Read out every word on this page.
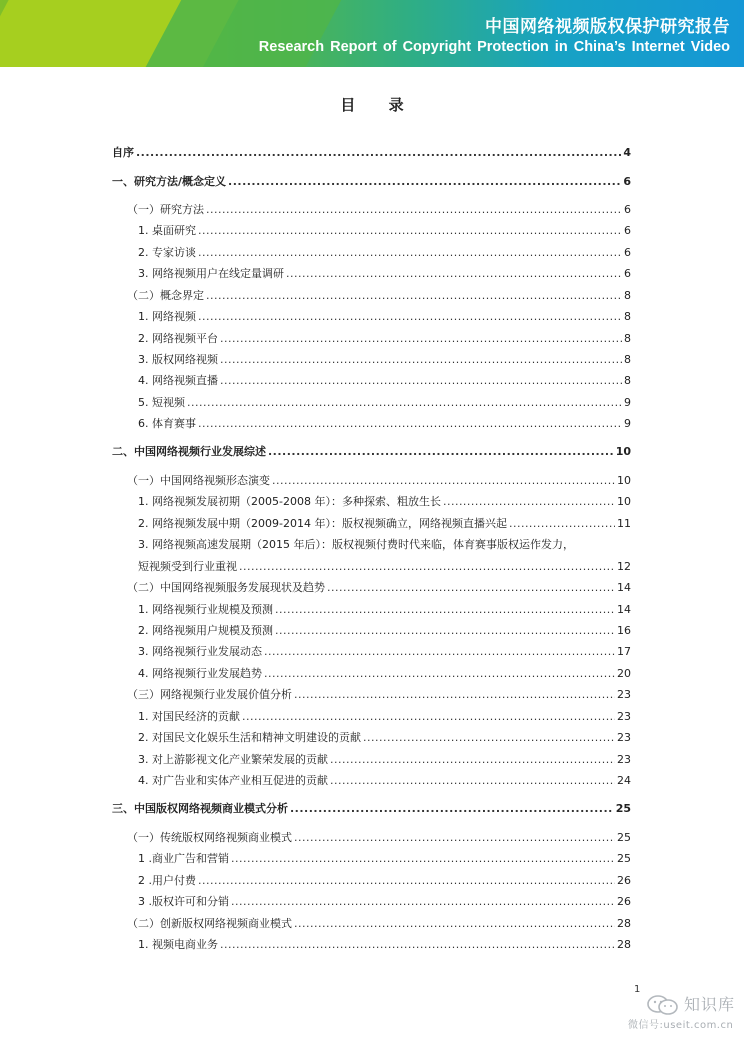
中国网络视频版权保护研究报告
Research Report of Copyright Protection in China’s Internet Video
目 录
自序 .....	4
一、研究方法/概念定义 .....	6
（一）研究方法 .....	6
1. 桌面研究 .....	6
2. 专家访谈 .....	6
3. 网络视频用户在线定量调研 .....	6
（二）概念界定 .....	8
1. 网络视频 .....	8
2. 网络视频平台 .....	8
3. 版权网络视频 .....	8
4. 网络视频直播 .....	8
5. 短视频 .....	9
6. 体育赛事 .....	9
二、中国网络视频行业发展综述 .....	10
（一）中国网络视频形态演变 .....	10
1. 网络视频发展初期（2005-2008 年）：多种探索、粗放生长 .....	10
2. 网络视频发展中期（2009-2014 年）：版权视频确立，网络视频直播兴起 .....	11
3. 网络视频高速发展期（2015 年后）：版权视频付费时代来临，体育赛事版权运作发力，
短视频受到行业重视 .....	12
（二）中国网络视频服务发展现状及趋势 .....	14
1. 网络视频行业规模及预测 .....	14
2. 网络视频用户规模及预测 .....	16
3. 网络视频行业发展动态 .....	17
4. 网络视频行业发展趋势 .....	20
（三）网络视频行业发展价值分析 .....	23
1. 对国民经济的贡献 .....	23
2. 对国民文化娱乐生活和精神文明建设的贡献 .....	23
3. 对上游影视文化产业繁荣发展的贡献 .....	23
4. 对广告业和实体产业相互促进的贡献 .....	24
三、中国版权网络视频商业模式分析 .....	25
（一）传统版权网络视频商业模式 .....	25
1 .商业广告和营销 .....	25
2 .用户付费 .....	26
3 .版权许可和分销 .....	26
（二）创新版权网络视频商业模式 .....	28
1. 视频电商业务 .....	28
1
知识库
微信号:useit.com.cn
